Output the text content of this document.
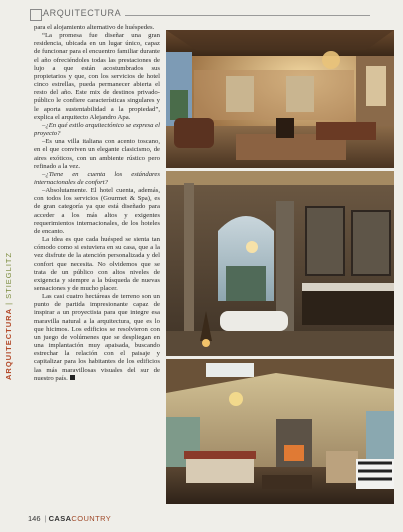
ARQUITECTURA
ARQUITECTURA | STIEGLITZ

para el alojamiento alternativo de huéspedes.

“La promesa fue diseñar una gran residencia, ubicada en un lugar único, capaz de funcionar para el encuentro familiar durante el año ofreciéndoles todas las prestaciones de lujo a que están acostumbrados sus propietarios y que, con los servicios de hotel cinco estrellas, pueda permanecer abierta el resto del año. Este mix de destinos privado-público le confiere características singulares y le aporta sustentabilidad a la propiedad”, explica el arquitecto Alejandro Apa.

–¿En qué estilo arquitectónico se expresa el proyecto?

–Es una villa italiana con acento toscano, en el que conviven un elegante clasicismo, de aires exóticos, con un ambiente rústico pero refinado a la vez.

–¿Tiene en cuenta los estándares internacionales de confort?

–Absolutamente. El hotel cuenta, además, con todos los servicios (Gourmet & Spa), es de gran categoría ya que está diseñado para acceder a los más altos y exigentes requerimientos internacionales, de los hoteles de encanto.

La idea es que cada huésped se sienta tan cómodo como si estuviera en su casa, que a la vez disfrute de la atención personalizada y del confort que necesita. No olvidemos que se trata de un público con altos niveles de exigencia y siempre a la búsqueda de nuevas sensaciones y de mucho placer.

Las casi cuatro hectáreas de terreno son un punto de partida impresionante capaz de inspirar a un proyectista para que integre esa maravilla natural a la arquitectura, que es lo que hicimos. Los edificios se resolvieron con un juego de volúmenes que se despliegan en una implantación muy apaisada, buscando estrechar la relación con el paisaje y capitalizar para los habitantes de los edificios las más maravillosas visuales del sur de nuestro país.

146 | CASACOUNTRY
